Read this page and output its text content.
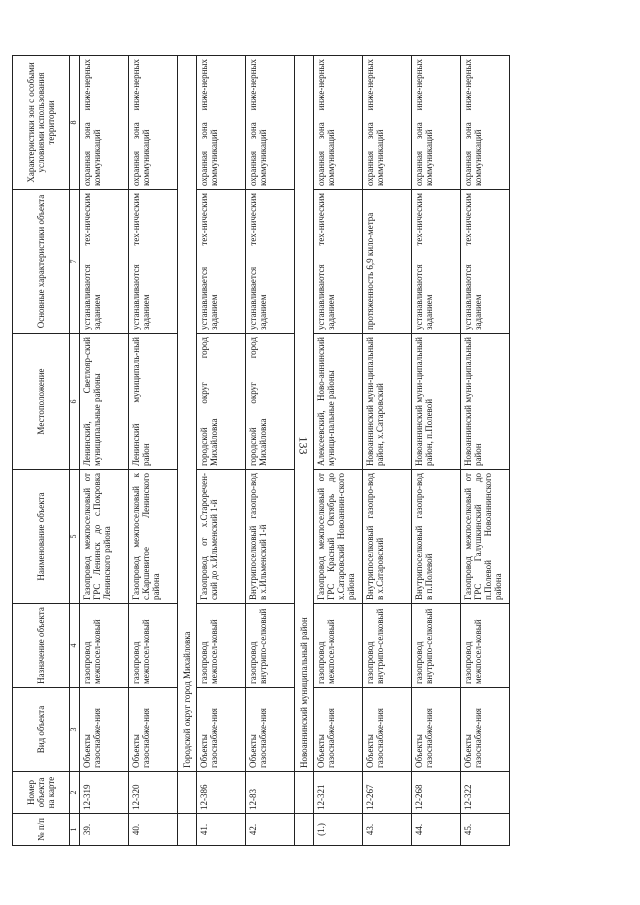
133
№ п/п	Номер объекта на карте	Вид объекта	Назначение объекта	Наименование объекта	Местоположение	Основные характеристики объекта	Характеристики зон с особыми условиями использования территории
1	2	3	4	5	6	7	8
39.	12-319	Объекты газоснабже-ния	газопровод межпосел-ковый	Газопровод межпоселковый от ГРС Ленинск до с.Покровка Ленинского района	Ленинский, Светлояр-ский муниципальные районы	устанавливаются тех-ническим заданием	охранная зона инже-нерных коммуникаций
40.	12-320	Объекты газоснабже-ния	газопровод межпосел-ковый	Газопровод межпоселковый к с.Каршевитое Ленинского района	Ленинский муниципаль-ный район	устанавливаются тех-ническим заданием	охранная зона инже-нерных коммуникаций
		Городской округ город Михайловка					
41.	12-386	Объекты газоснабже-ния	газопровод межпосел-ковый	Газопровод от х.Староречен-ский до х.Ильменский 1-й	городской округ город Михайловка	устанавливается тех-ническим заданием	охранная зона инже-нерных коммуникаций
42.	12-83	Объекты газоснабже-ния	газопровод внутрипо-селковый	Внутрипоселковый газопро-вод в х.Ильменский 1-й	городской округ город Михайловка	устанавливается тех-ническим заданием	охранная зона инже-нерных коммуникаций
		Новоаннинский муниципальный район					
(1.)	12-321	Объекты газоснабже-ния	газопровод межпосел-ковый	Газопровод межпоселковый от ГРС Красный Октябрь до х.Сатаровский Новоаннин-ского района	Алексеевский, Ново-аннинский муници-пальные районы	устанавливаются тех-ническим заданием	охранная зона инже-нерных коммуникаций
43.	12-267	Объекты газоснабже-ния	газопровод внутрипо-селковый	Внутрипоселковый газопро-вод в х.Сатаровский	Новоаннинский муни-ципальный район, х.Сатаровский	протяженность 6,9 кило-метра	охранная зона инже-нерных коммуникаций
44.	12-268	Объекты газоснабже-ния	газопровод внутрипо-селковый	Внутрипоселковый газопро-вод в п.Полевой	Новоаннинский муни-ципальный район, п.Полевой	устанавливаются тех-ническим заданием	охранная зона инже-нерных коммуникаций
45.	12-322	Объекты газоснабже-ния	газопровод межпосел-ковый	Газопровод межпоселковый от ГРС Галушкинский до п.Полевой Новоаннинского района	Новоаннинский муни-ципальный район	устанавливаются тех-ническим заданием	охранная зона инже-нерных коммуникаций
